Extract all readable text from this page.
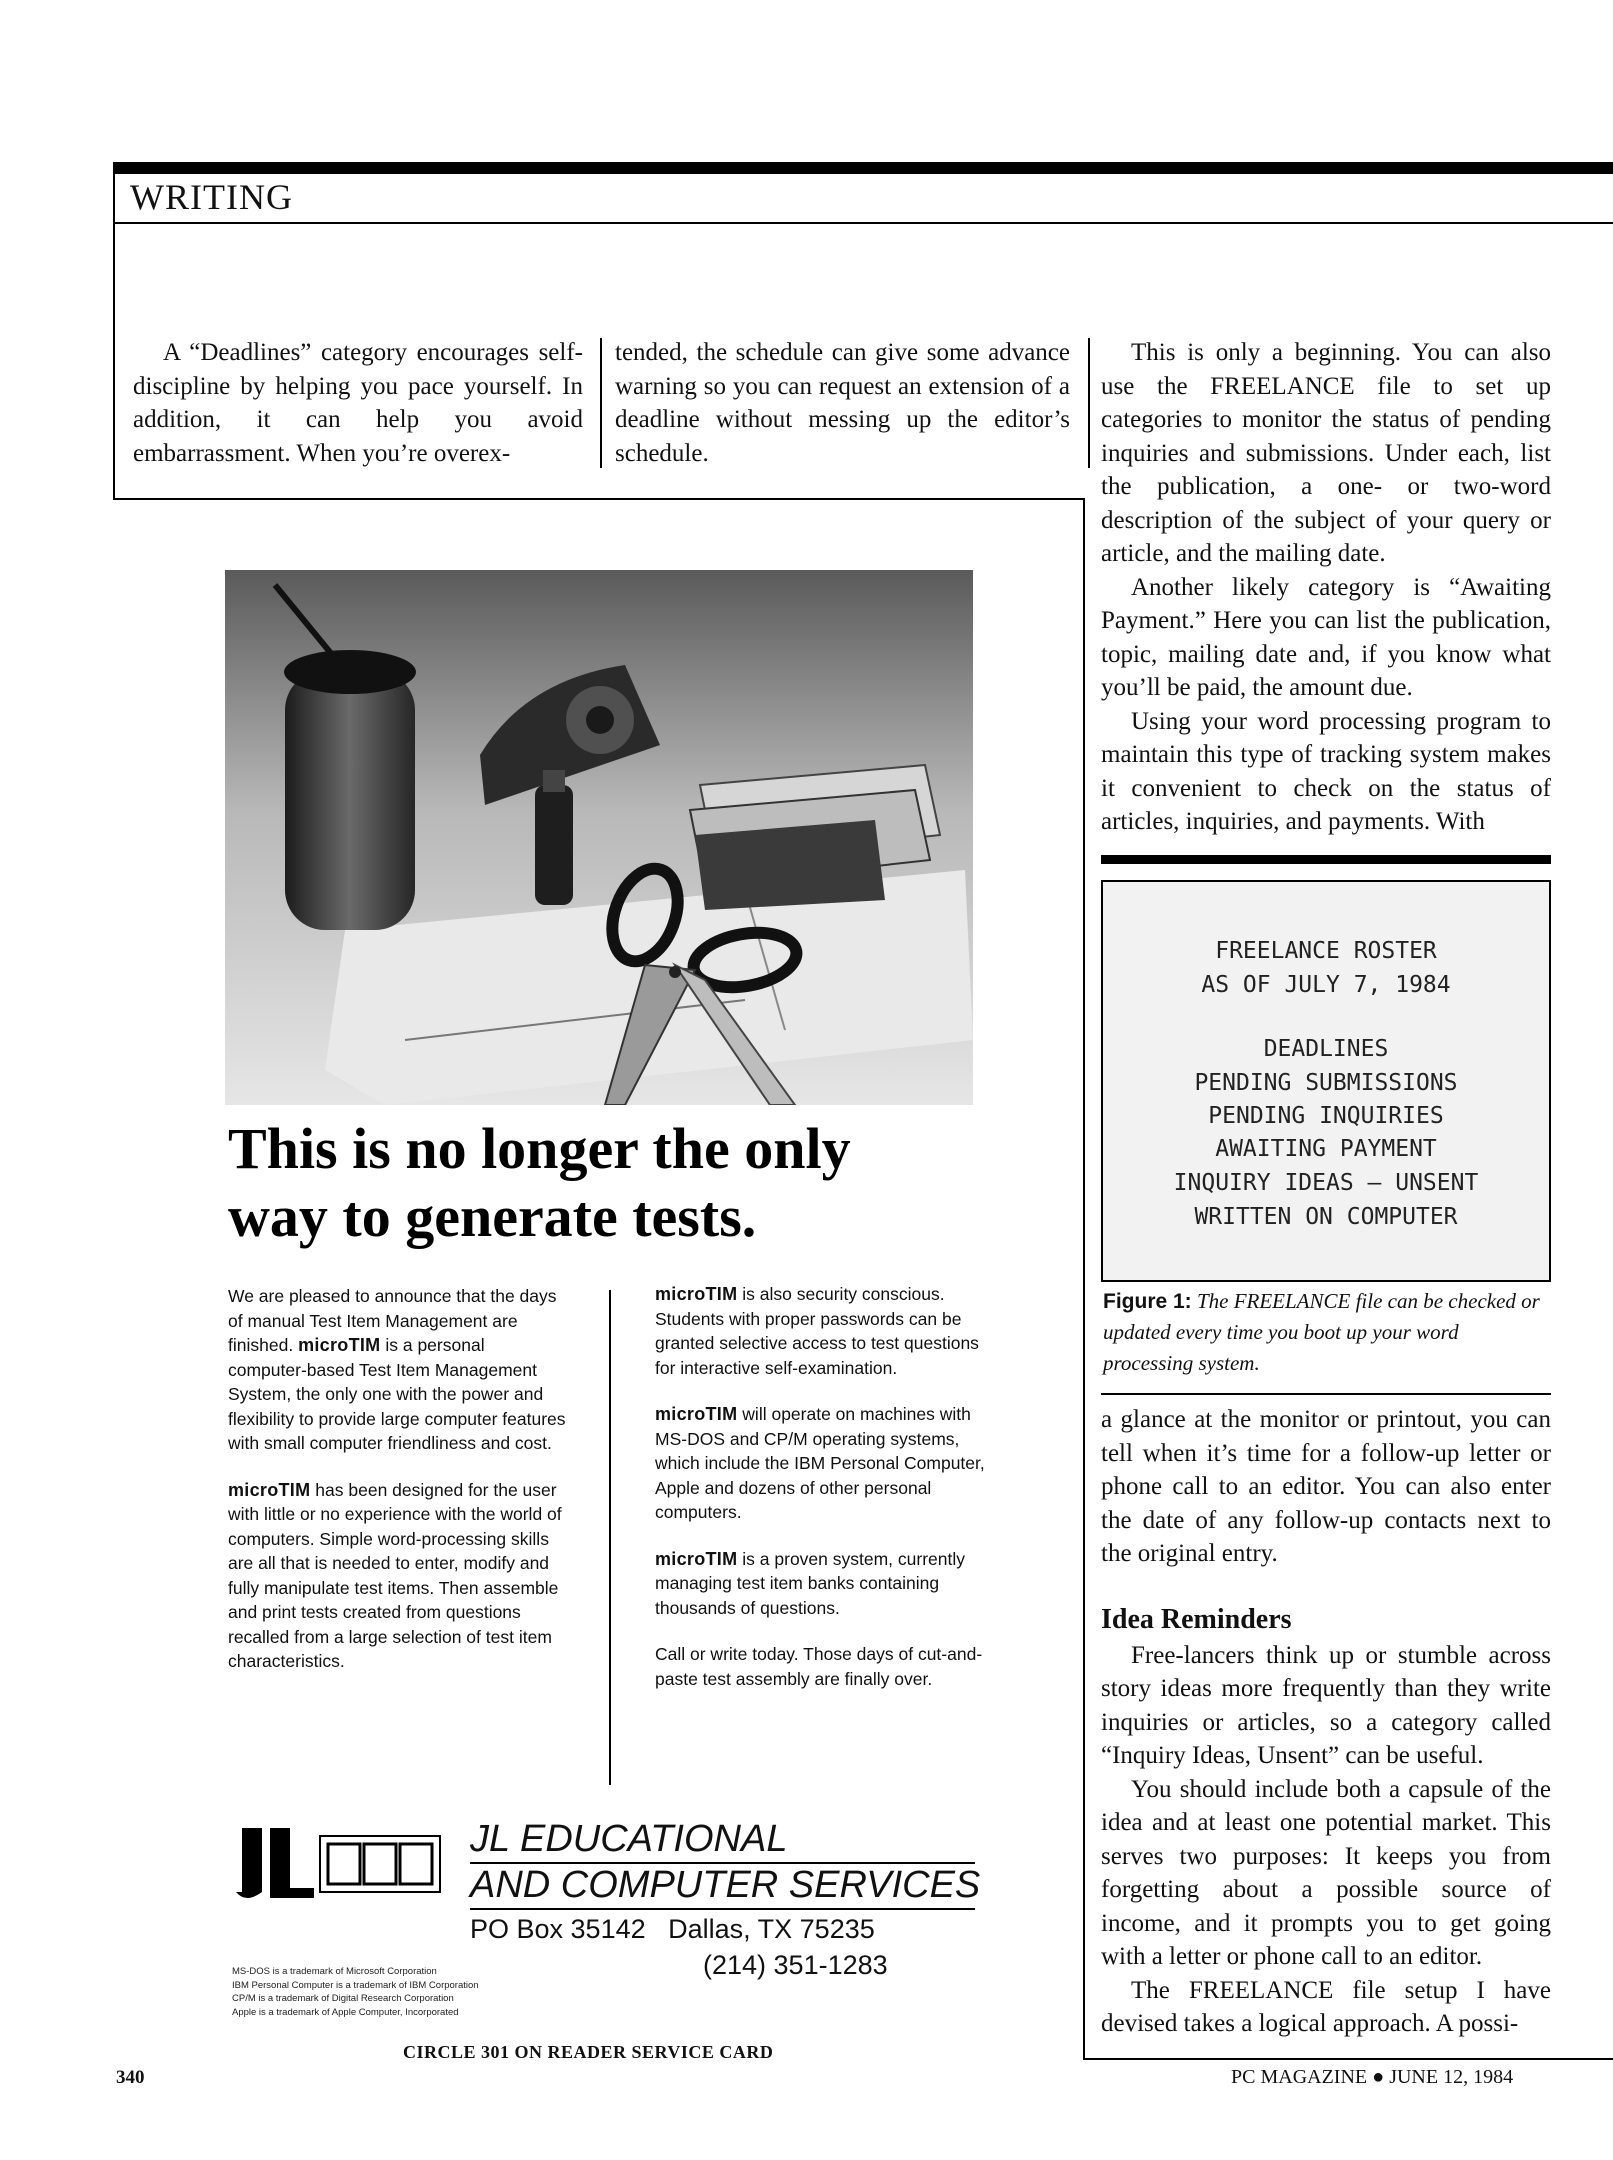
WRITING

A “Deadlines” category encourages self-discipline by helping you pace yourself. In addition, it can help you avoid embarrassment. When you’re overex-

tended, the schedule can give some advance warning so you can request an extension of a deadline without messing up the editor’s schedule.

This is only a beginning. You can also use the FREELANCE file to set up categories to monitor the status of pending inquiries and submissions. Under each, list the publication, a one- or two-word description of the subject of your query or article, and the mailing date.

Another likely category is “Awaiting Payment.” Here you can list the publication, topic, mailing date and, if you know what you’ll be paid, the amount due.

Using your word processing program to maintain this type of tracking system makes it convenient to check on the status of articles, inquiries, and payments. With

FREELANCE ROSTER
AS OF JULY 7, 1984
DEADLINES
PENDING SUBMISSIONS
PENDING INQUIRIES
AWAITING PAYMENT
INQUIRY IDEAS — UNSENT
WRITTEN ON COMPUTER
Figure 1: The FREELANCE file can be checked or updated every time you boot up your word processing system.

a glance at the monitor or printout, you can tell when it’s time for a follow-up letter or phone call to an editor. You can also enter the date of any follow-up contacts next to the original entry.

Idea Reminders

Free-lancers think up or stumble across story ideas more frequently than they write inquiries or articles, so a category called “Inquiry Ideas, Unsent” can be useful.

You should include both a capsule of the idea and at least one potential market. This serves two purposes: It keeps you from forgetting about a possible source of income, and it prompts you to get going with a letter or phone call to an editor.

The FREELANCE file setup I have devised takes a logical approach. A possi-

This is no longer the only
way to generate tests.

We are pleased to announce that the days of manual Test Item Management are finished. microTIM is a personal computer-based Test Item Management System, the only one with the power and flexibility to provide large computer features with small computer friendliness and cost.

microTIM has been designed for the user with little or no experience with the world of computers. Simple word-processing skills are all that is needed to enter, modify and fully manipulate test items. Then assemble and print tests created from questions recalled from a large selection of test item characteristics.

microTIM is also security conscious. Students with proper passwords can be granted selective access to test questions for interactive self-examination.

microTIM will operate on machines with MS-DOS and CP/M operating systems, which include the IBM Personal Computer, Apple and dozens of other personal computers.

microTIM is a proven system, currently managing test item banks containing thousands of questions.

Call or write today. Those days of cut-and-paste test assembly are finally over.

JL EDUCATIONAL
AND COMPUTER SERVICES
PO Box 35142   Dallas, TX 75235
(214) 351-1283
MS-DOS is a trademark of Microsoft Corporation
IBM Personal Computer is a trademark of IBM Corporation
CP/M is a trademark of Digital Research Corporation
Apple is a trademark of Apple Computer, Incorporated
CIRCLE 301 ON READER SERVICE CARD
340	PC MAGAZINE ● JUNE 12, 1984
